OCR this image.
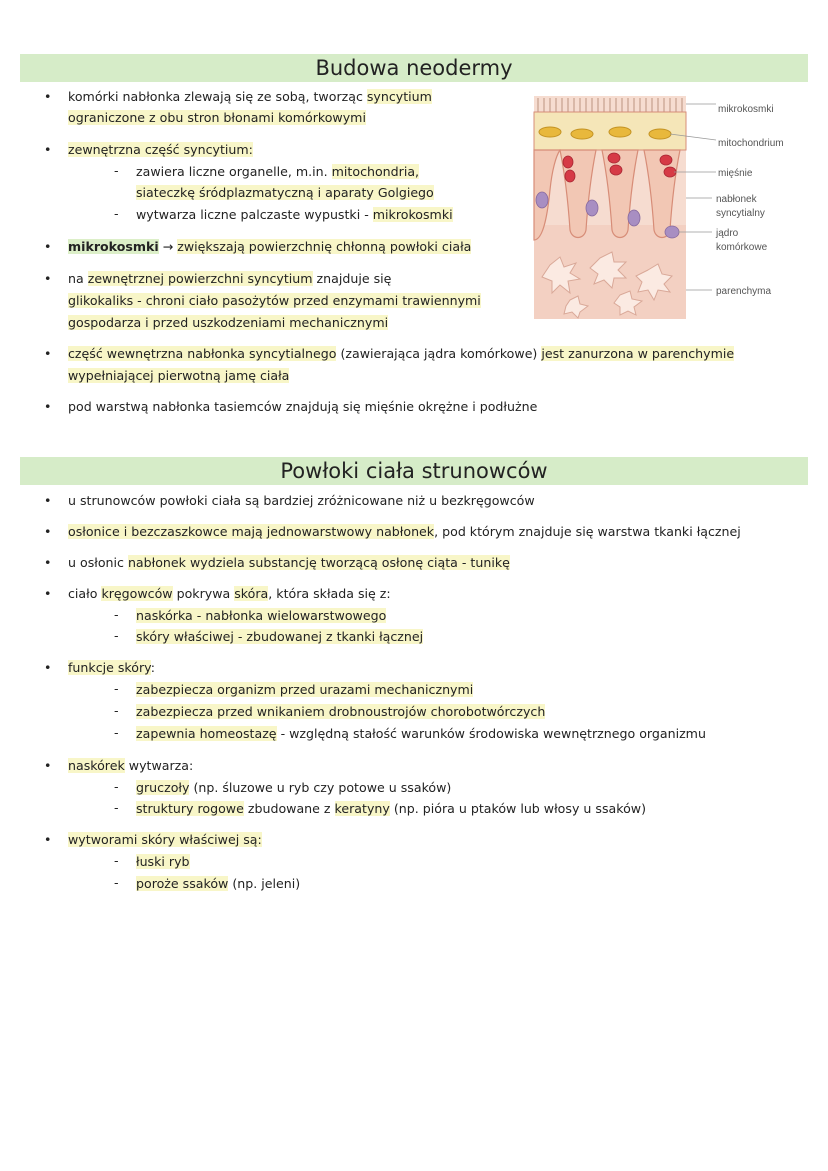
Budowa neodermy
• komórki nabłonka zlewają się ze sobą, tworząc syncytium
ograniczone z obu stron błonami komórkowymi
• zewnętrzna część syncytium:
- zawiera liczne organelle, m.in. mitochondria,
siateczkę śródplazmatyczną i aparaty Golgiego
- wytwarza liczne palczaste wypustki - mikrokosmki
• mikrokosmki → zwiększają powierzchnię chłonną powłoki ciała
• na zewnętrznej powierzchni syncytium znajduje się
glikokaliks - chroni ciało pasożytów przed enzymami trawiennymi
gospodarza i przed uszkodzeniami mechanicznymi
• część wewnętrzna nabłonka syncytialnego (zawierająca jądra komórkowe) jest zanurzona w parenchymie
wypełniającej pierwotną jamę ciała
• pod warstwą nabłonka tasiemców znajdują się mięśnie okrężne i podłużne
mikrokosmki
mitochondrium
mięśnie
nabłonek
syncytialny
jądro
komórkowe
parenchyma
Powłoki ciała strunowców
• u strunowców powłoki ciała są bardziej zróżnicowane niż u bezkręgowców
• osłonice i bezczaszkowce mają jednowarstwowy nabłonek, pod którym znajduje się warstwa tkanki łącznej
• u osłonic nabłonek wydziela substancję tworzącą osłonę ciąta - tunikę
• ciało kręgowców pokrywa skóra, która składa się z:
- naskórka - nabłonka wielowarstwowego
- skóry właściwej - zbudowanej z tkanki łącznej
• funkcje skóry:
- zabezpiecza organizm przed urazami mechanicznymi
- zabezpiecza przed wnikaniem drobnoustrojów chorobotwórczych
- zapewnia homeostazę - względną stałość warunków środowiska wewnętrznego organizmu
• naskórek wytwarza:
- gruczoły (np. śluzowe u ryb czy potowe u ssaków)
- struktury rogowe zbudowane z keratyny (np. pióra u ptaków lub włosy u ssaków)
• wytworami skóry właściwej są:
- łuski ryb
- poroże ssaków (np. jeleni)
